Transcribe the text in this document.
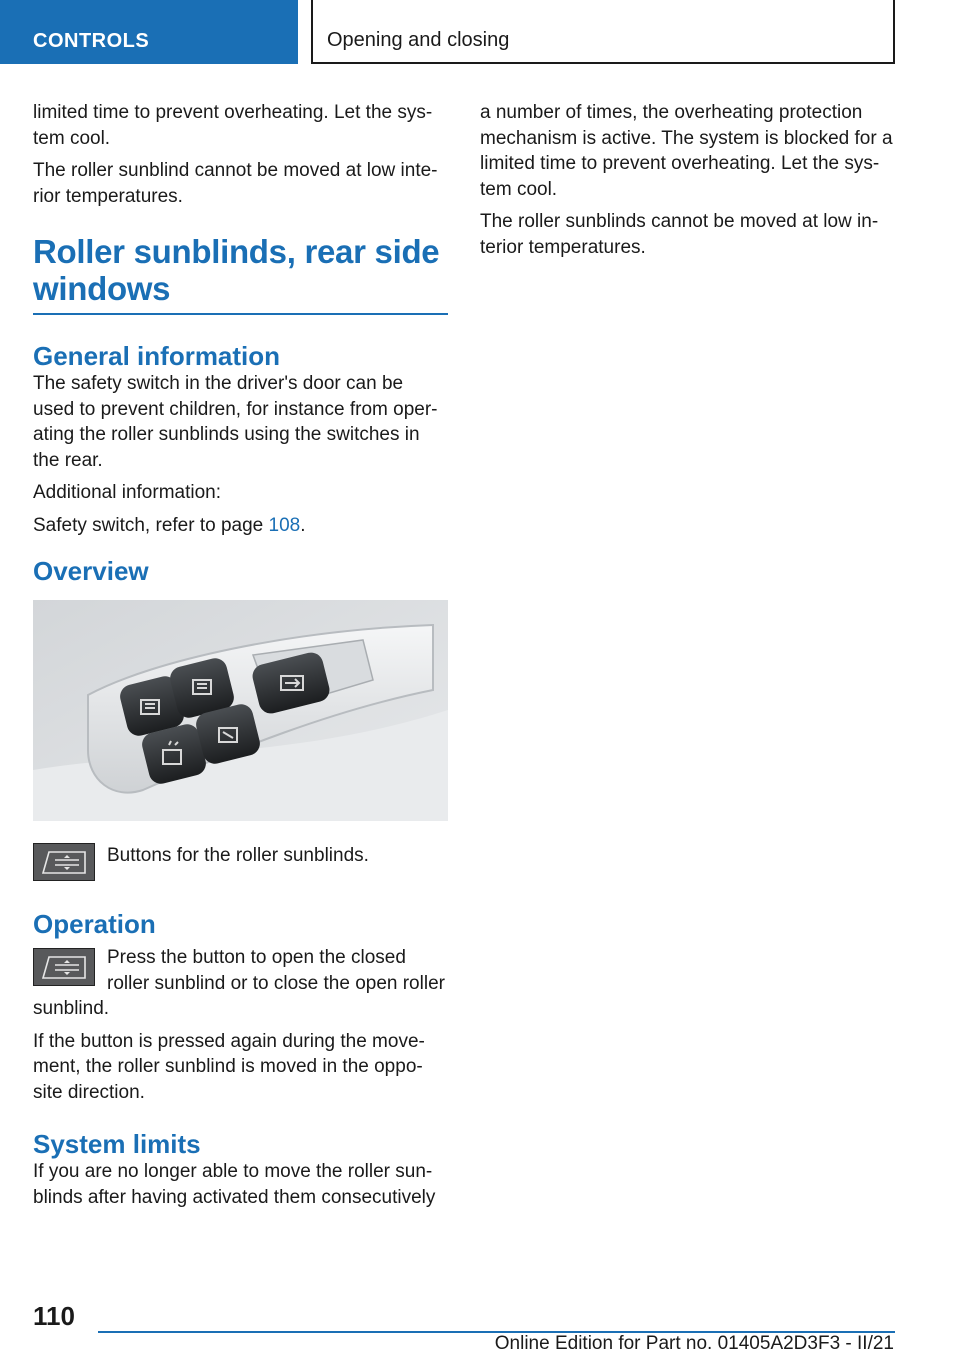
CONTROLS	Opening and closing

limited time to prevent overheating. Let the sys-tem cool.

The roller sunblind cannot be moved at low inte-rior temperatures.

Roller sunblinds, rear side windows
General information

The safety switch in the driver's door can be used to prevent children, for instance from oper-ating the roller sunblinds using the switches in the rear.

Additional information:

Safety switch, refer to page 108.

Overview
Buttons for the roller sunblinds.
Operation

Press the button to open the closed roller sunblind or to close the open roller sunblind.

If the button is pressed again during the move-ment, the roller sunblind is moved in the oppo-site direction.

System limits

If you are no longer able to move the roller sun-blinds after having activated them consecutively

a number of times, the overheating protection mechanism is active. The system is blocked for a limited time to prevent overheating. Let the sys-tem cool.

The roller sunblinds cannot be moved at low in-terior temperatures.

110
Online Edition for Part no. 01405A2D3F3 - II/21
